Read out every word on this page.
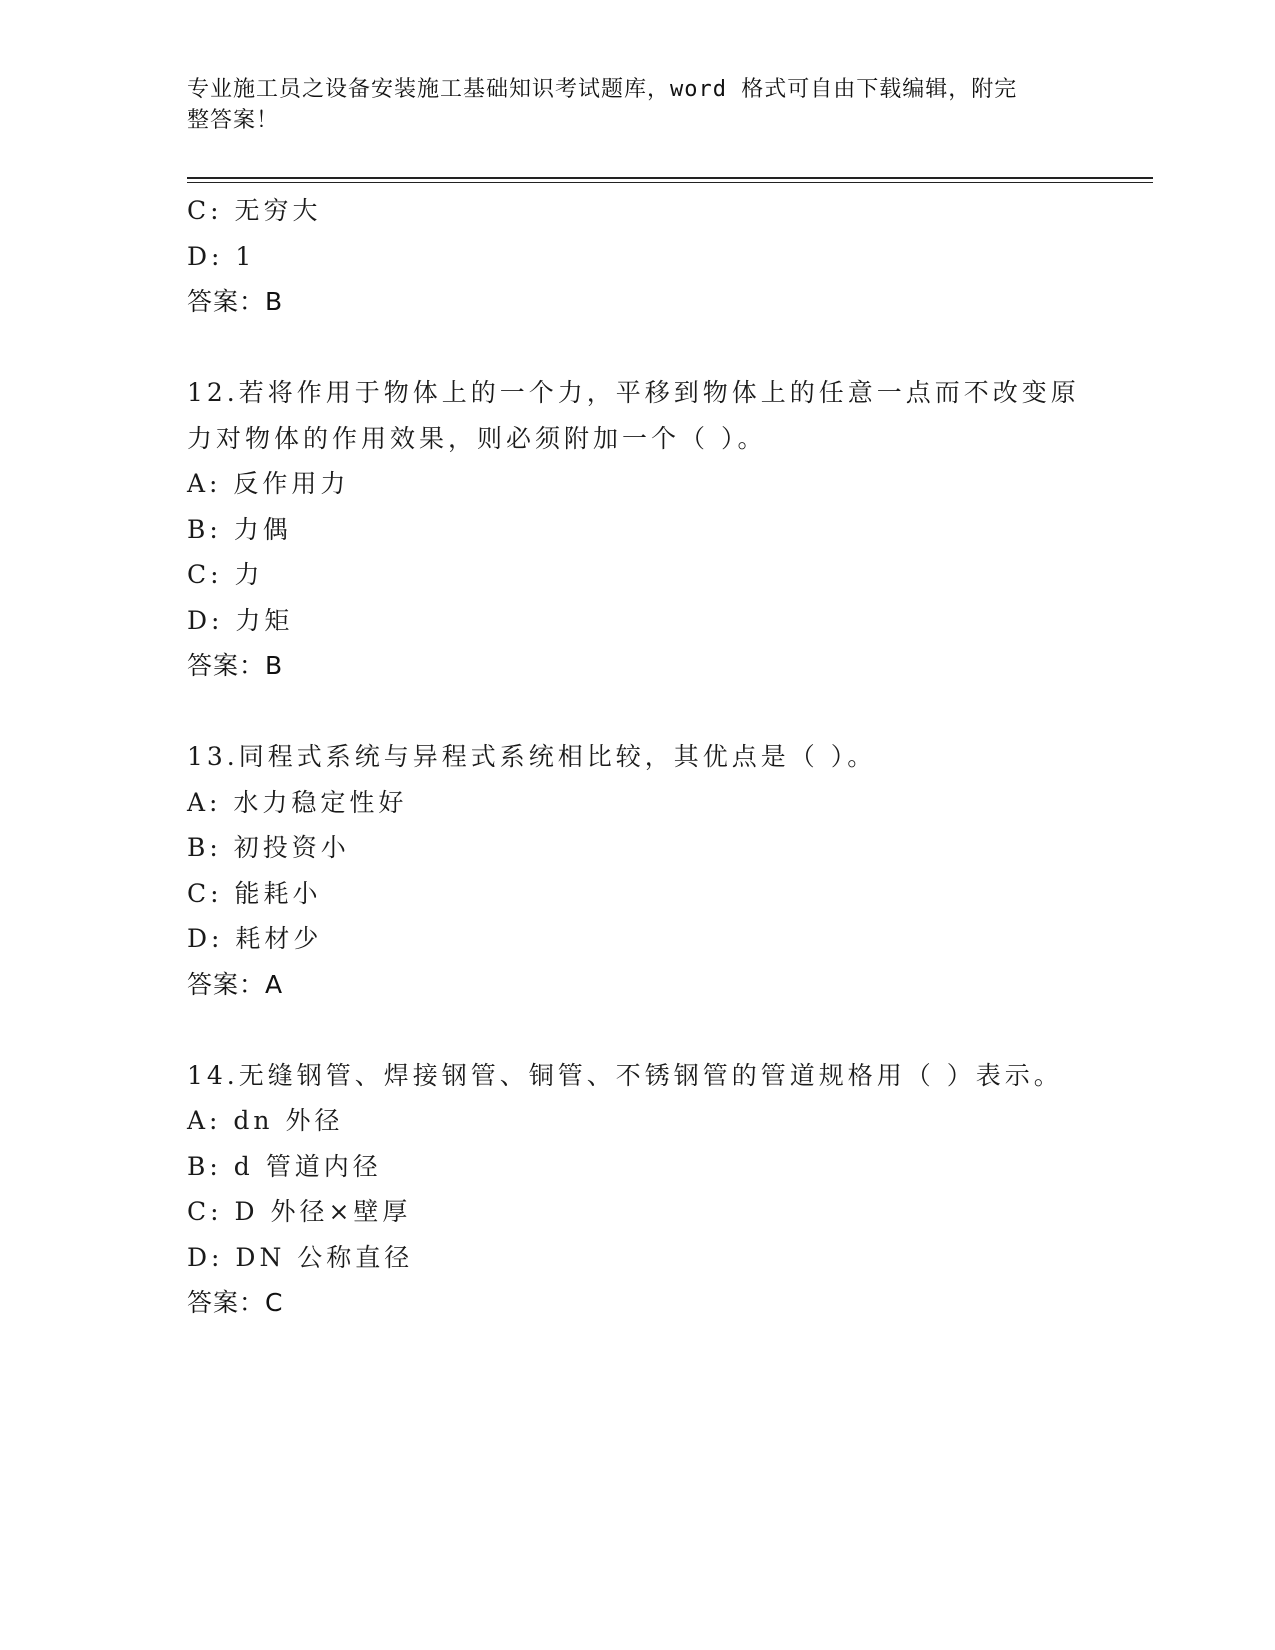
专业施工员之设备安装施工基础知识考试题库，word 格式可自由下载编辑，附完
整答案！
C: 无穷大
D: 1
答案：B
12.若将作用于物体上的一个力，平移到物体上的任意一点而不改变原
力对物体的作用效果，则必须附加一个（ ）。
A: 反作用力
B: 力偶
C: 力
D: 力矩
答案：B
13.同程式系统与异程式系统相比较，其优点是（ ）。
A: 水力稳定性好
B: 初投资小
C: 能耗小
D: 耗材少
答案：A
14.无缝钢管、焊接钢管、铜管、不锈钢管的管道规格用（ ）表示。
A: dn 外径
B: d 管道内径
C: D 外径×壁厚
D: DN 公称直径
答案：C
